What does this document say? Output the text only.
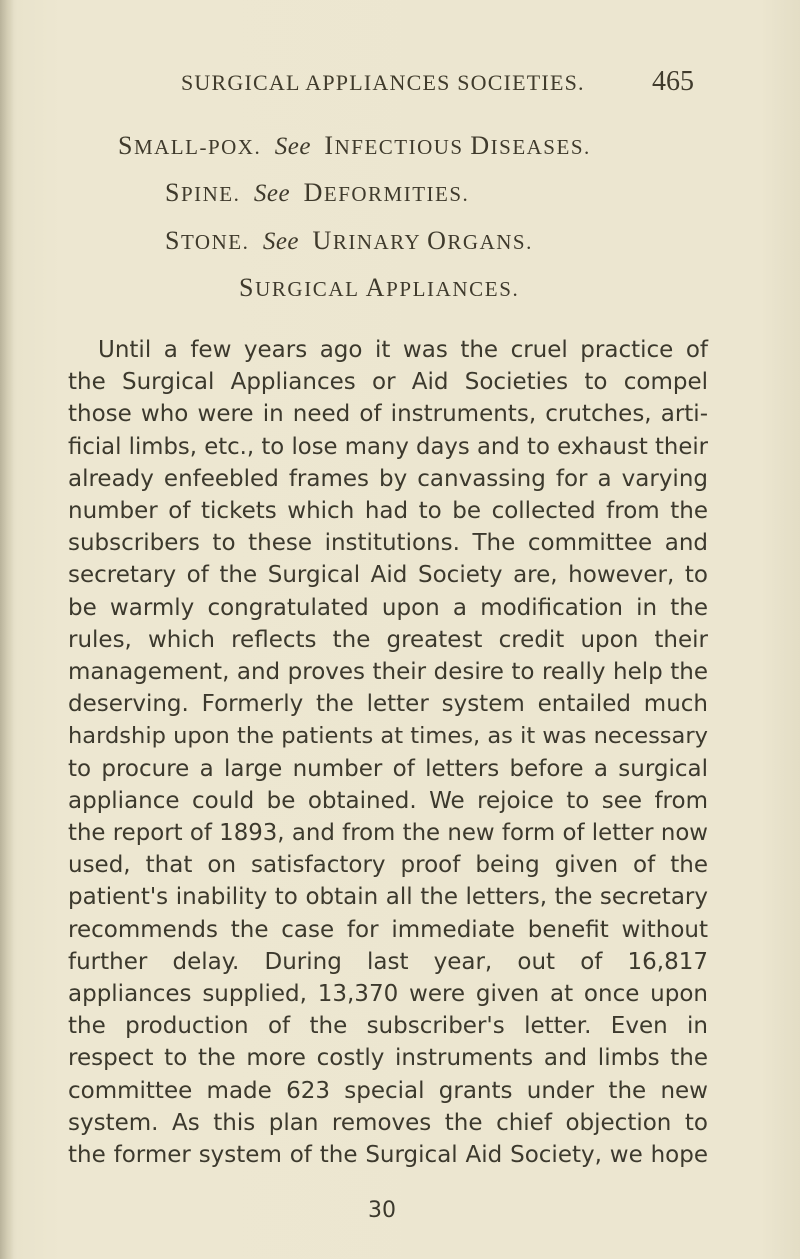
SURGICAL APPLIANCES SOCIETIES.	465
SMALL-POX. See INFECTIOUS DISEASES.
SPINE. See DEFORMITIES.
STONE. See URINARY ORGANS.
SURGICAL APPLIANCES.
Until a few years ago it was the cruel practice of
the Surgical Appliances or Aid Societies to compel
those who were in need of instruments, crutches, arti-
ficial limbs, etc., to lose many days and to exhaust their
already enfeebled frames by canvassing for a varying
number of tickets which had to be collected from the
subscribers to these institutions. The committee and
secretary of the Surgical Aid Society are, however, to
be warmly congratulated upon a modification in the
rules, which reflects the greatest credit upon their
management, and proves their desire to really help the
deserving. Formerly the letter system entailed much
hardship upon the patients at times, as it was necessary
to procure a large number of letters before a surgical
appliance could be obtained. We rejoice to see from
the report of 1893, and from the new form of letter now
used, that on satisfactory proof being given of the
patient's inability to obtain all the letters, the secretary
recommends the case for immediate benefit without
further delay. During last year, out of 16,817
appliances supplied, 13,370 were given at once upon
the production of the subscriber's letter. Even in
respect to the more costly instruments and limbs the
committee made 623 special grants under the new
system. As this plan removes the chief objection to
the former system of the Surgical Aid Society, we hope
30
